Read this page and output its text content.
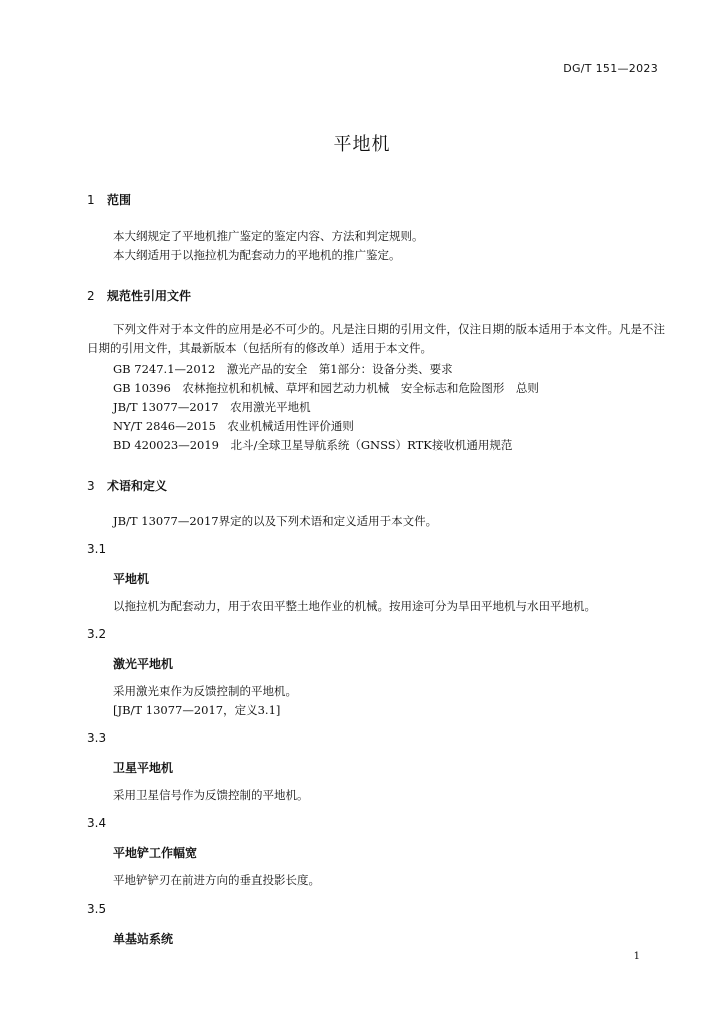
DG/T 151—2023
平地机
1 范围
本大纲规定了平地机推广鉴定的鉴定内容、方法和判定规则。
本大纲适用于以拖拉机为配套动力的平地机的推广鉴定。
2 规范性引用文件
下列文件对于本文件的应用是必不可少的。凡是注日期的引用文件，仅注日期的版本适用于本文件。凡是不注日期的引用文件，其最新版本（包括所有的修改单）适用于本文件。
GB 7247.1—2012　激光产品的安全　第1部分：设备分类、要求
GB 10396　农林拖拉机和机械、草坪和园艺动力机械　安全标志和危险图形　总则
JB/T 13077—2017　农用激光平地机
NY/T 2846—2015　农业机械适用性评价通则
BD 420023—2019　北斗/全球卫星导航系统（GNSS）RTK接收机通用规范
3 术语和定义
JB/T 13077—2017界定的以及下列术语和定义适用于本文件。
3.1
平地机
以拖拉机为配套动力，用于农田平整土地作业的机械。按用途可分为旱田平地机与水田平地机。
3.2
激光平地机
采用激光束作为反馈控制的平地机。
[JB/T 13077—2017，定义3.1]
3.3
卫星平地机
采用卫星信号作为反馈控制的平地机。
3.4
平地铲工作幅宽
平地铲铲刃在前进方向的垂直投影长度。
3.5
单基站系统
1
